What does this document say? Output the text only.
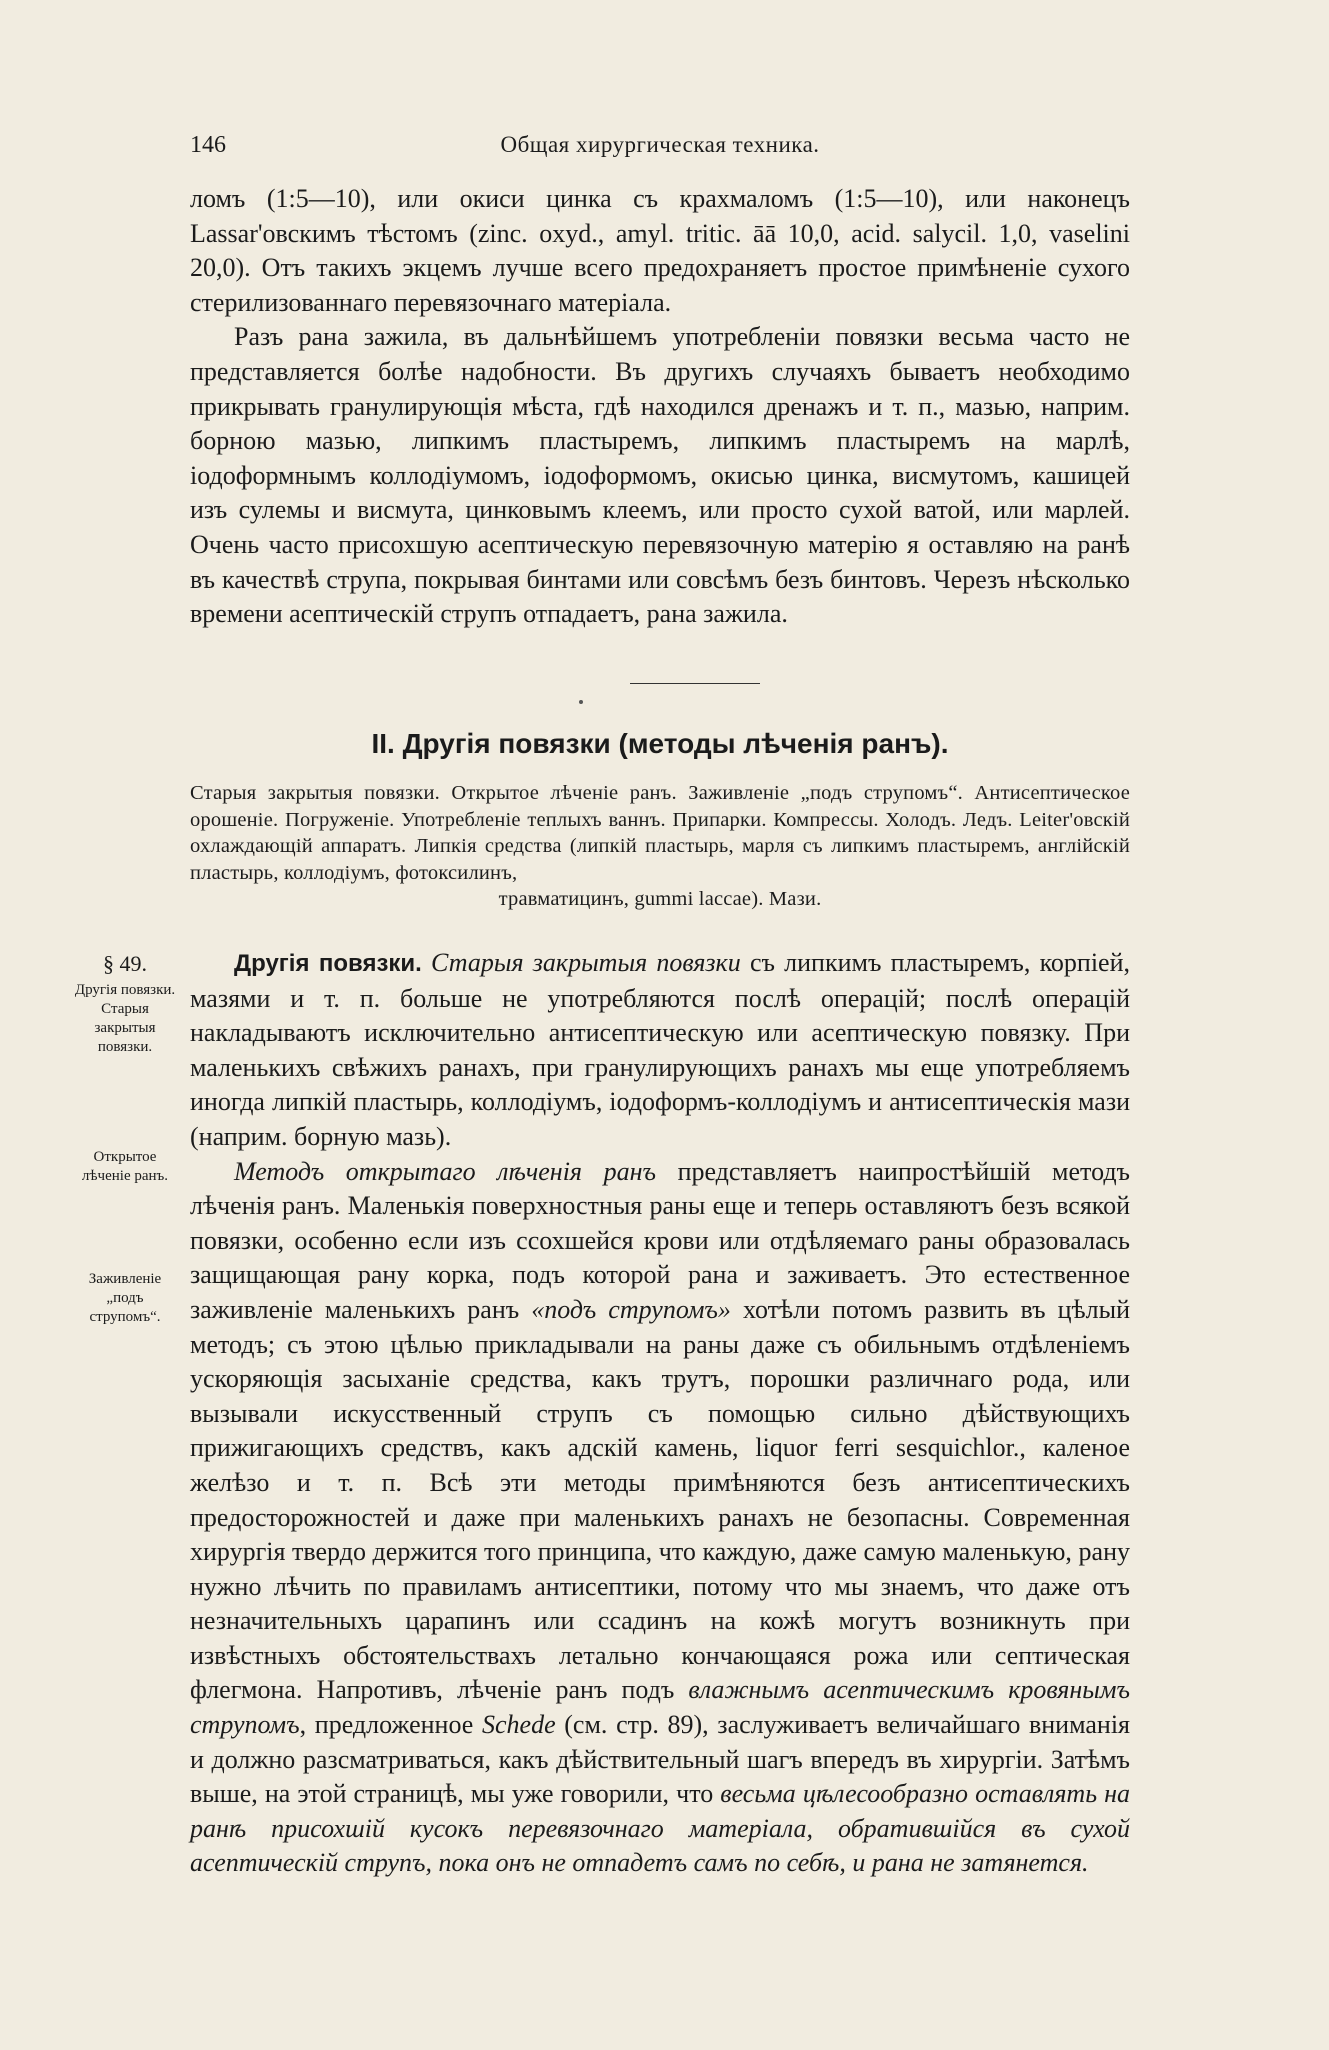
146	Общая хирургическая техника.

ломъ (1:5—10), или окиси цинка съ крахмаломъ (1:5—10), или наконецъ Lassar'овскимъ тѣстомъ (zinc. oxyd., amyl. tritic. āā 10,0, acid. salycil. 1,0, vaselini 20,0). Отъ такихъ экцемъ лучше всего предохраняетъ простое примѣненіе сухого стерилизованнаго перевязочнаго матеріала.

Разъ рана зажила, въ дальнѣйшемъ употребленіи повязки весьма часто не представляется болѣе надобности. Въ другихъ случаяхъ бываетъ необходимо прикрывать гранулирующія мѣста, гдѣ находился дренажъ и т. п., мазью, наприм. борною мазью, липкимъ пластыремъ, липкимъ пластыремъ на марлѣ, іодоформнымъ коллодіумомъ, іодоформомъ, окисью цинка, висмутомъ, кашицей изъ сулемы и висмута, цинковымъ клеемъ, или просто сухой ватой, или марлей. Очень часто присохшую асептическую перевязочную матерію я оставляю на ранѣ въ качествѣ струпа, покрывая бинтами или совсѣмъ безъ бинтовъ. Черезъ нѣсколько времени асептическій струпъ отпадаетъ, рана зажила.

II. Другія повязки (методы лѣченія ранъ).
Старыя закрытыя повязки. Открытое лѣченіе ранъ. Заживленіе „подъ струпомъ“. Антисептическое орошеніе. Погруженіе. Употребленіе теплыхъ ваннъ. Припарки. Компрессы. Холодъ. Ледъ. Leiter'овскій охлаждающій аппаратъ. Липкія средства (липкій пластырь, марля съ липкимъ пластыремъ, англійскій пластырь, коллодіумъ, фотоксилинъ,
травматицинъ, gummi laccae). Мази.
§ 49.
Другія повязки. Старыя закрытыя повязки.
Открытое лѣченіе ранъ.
Заживленіе „подъ струпомъ“.

Другія повязки. Старыя закрытыя повязки съ липкимъ пластыремъ, корпіей, мазями и т. п. больше не употребляются послѣ операцій; послѣ операцій накладываютъ исключительно антисептическую или асептическую повязку. При маленькихъ свѣжихъ ранахъ, при гранулирующихъ ранахъ мы еще употребляемъ иногда липкій пластырь, коллодіумъ, іодоформъ-коллодіумъ и антисептическія мази (наприм. борную мазь).

Методъ открытаго лѣченія ранъ представляетъ наипростѣйшій методъ лѣченія ранъ. Маленькія поверхностныя раны еще и теперь оставляютъ безъ всякой повязки, особенно если изъ ссохшейся крови или отдѣляемаго раны образовалась защищающая рану корка, подъ которой рана и заживаетъ. Это естественное заживленіе маленькихъ ранъ «подъ струпомъ» хотѣли потомъ развить въ цѣлый методъ; съ этою цѣлью прикладывали на раны даже съ обильнымъ отдѣленіемъ ускоряющія засыханіе средства, какъ трутъ, порошки различнаго рода, или вызывали искусственный струпъ съ помощью сильно дѣйствующихъ прижигающихъ средствъ, какъ адскій камень, liquor ferri sesquichlor., каленое желѣзо и т. п. Всѣ эти методы примѣняются безъ антисептическихъ предосторожностей и даже при маленькихъ ранахъ не безопасны. Современная хирургія твердо держится того принципа, что каждую, даже самую маленькую, рану нужно лѣчить по правиламъ антисептики, потому что мы знаемъ, что даже отъ незначительныхъ царапинъ или ссадинъ на кожѣ могутъ возникнуть при извѣстныхъ обстоятельствахъ летально кончающаяся рожа или септическая флегмона. Напротивъ, лѣченіе ранъ подъ влажнымъ асептическимъ кровянымъ струпомъ, предложенное Schede (см. стр. 89), заслуживаетъ величайшаго вниманія и должно разсматриваться, какъ дѣйствительный шагъ впередъ въ хирургіи. Затѣмъ выше, на этой страницѣ, мы уже говорили, что весьма цѣлесообразно оставлять на ранѣ присохшій кусокъ перевязочнаго матеріала, обратившійся въ сухой асептическій струпъ, пока онъ не отпадетъ самъ по себѣ, и рана не затянется.
